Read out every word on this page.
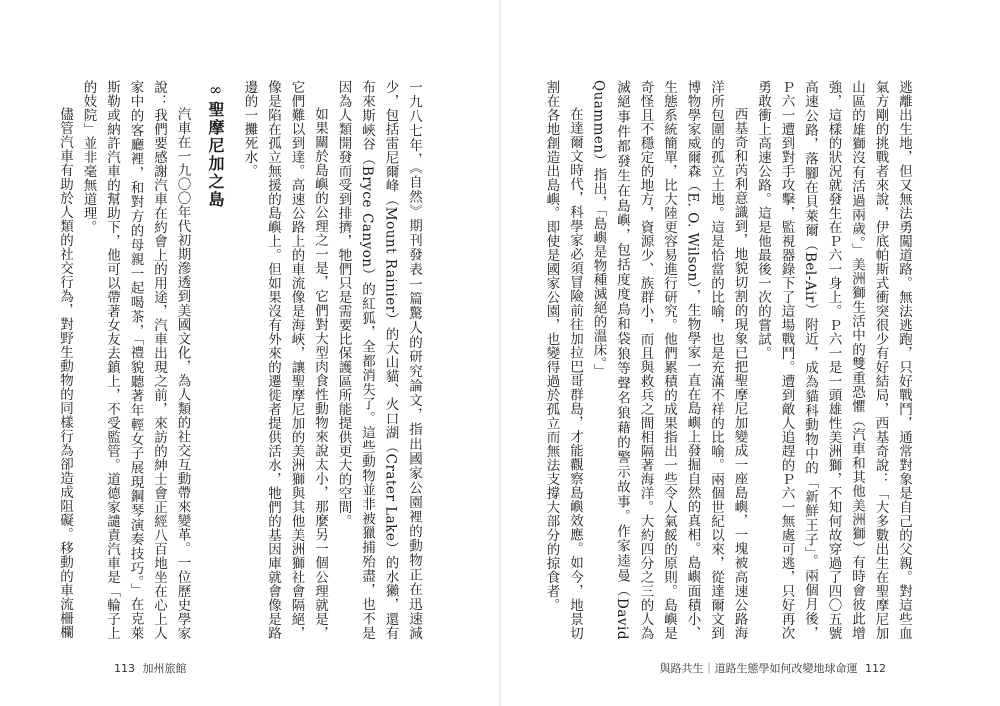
一九八七年，《自然》期刊發表一篇驚人的研究論文，指出國家公園裡的動物正在迅速減少，包括雷尼爾峰（Mount Rainier）的大山貓、火口湖（Crater Lake）的水獺，還有布來斯峽谷（Bryce Canyon）的紅狐，全都消失了。這些動物並非被獵捕殆盡，也不是因為人類開發而受到排擠，牠們只是需要比保護區所能提供更大的空間。

如果關於島嶼的公理之一是，它們對大型肉食性動物來說太小，那麼另一個公理就是，它們難以到達。高速公路上的車流像是海峽，讓聖摩尼加的美洲獅與其他美洲獅社會隔絕，像是陷在孤立無援的島嶼上。但如果沒有外來的遷徙者提供活水，牠們的基因庫就會像是路邊的一攤死水。

∞聖摩尼加之島

汽車在一九〇〇年代初期滲透到美國文化，為人類的社交互動帶來變革。一位歷史學家說：我們要感謝汽車在約會上的用途，汽車出現之前，來訪的紳士會正經八百地坐在心上人家中的客廳裡，和對方的母親一起喝茶，「禮貌聽著年輕女子展現鋼琴演奏技巧。」在克萊斯勒或納許汽車的幫助下，他可以帶著女友去鎮上，不受監管。道德家譴責汽車是「輪子上的妓院」並非毫無道理。

儘管汽車有助於人類的社交行為，對野生動物的同樣行為卻造成阻礙。移動的車流柵欄

113 加州旅館

逃離出生地，但又無法勇闖道路。無法逃跑，只好戰鬥，通常對象是自己的父親。對這些血氣方剛的挑戰者來說，伊底帕斯式衝突很少有好結局，西基奇說：「大多數出生在聖摩尼加山區的雄獅沒有活過兩歲。」美洲獅生活中的雙重恐懼（汽車和其他美洲獅）有時會彼此增強，這樣的狀況就發生在Ｐ六一身上。Ｐ六一是一頭雄性美洲獅，不知何故穿過了四〇五號高速公路，落腳在貝萊爾（Bel-Air）附近，成為貓科動物中的「新鮮王子」。兩個月後，Ｐ六一遭到對手攻擊，監視器錄下了這場戰鬥。遭到敵人追趕的Ｐ六一無處可逃，只好再次勇敢衝上高速公路。這是他最後一次的嘗試。

西基奇和芮利意識到，地貌切割的現象已把聖摩尼加變成一座島嶼，一塊被高速公路海洋所包圍的孤立土地。這是恰當的比喻，也是充滿不祥的比喻。兩個世紀以來，從達爾文到博物學家威爾森（E. O. Wilson），生物學家一直在島嶼上發掘自然的真相。島嶼面積小、生態系統簡單，比大陸更容易進行研究。他們累積的成果指出一些令人氣餒的原則。島嶼是奇怪且不穩定的地方，資源少、族群小，而且與救兵之間相隔著海洋。大約四分之三的人為滅絕事件都發生在島嶼，包括度度鳥和袋狼等聲名狼藉的警示故事。作家逵曼（David Quammen）指出，「島嶼是物種滅絕的溫床。」

在達爾文時代，科學家必須冒險前往加拉巴哥群島，才能觀察島嶼效應。如今，地景切割在各地創造出島嶼。即使是國家公園，也變得過於孤立而無法支撐大部分的掠食者。

與路共生｜道路生態學如何改變地球命運 112
